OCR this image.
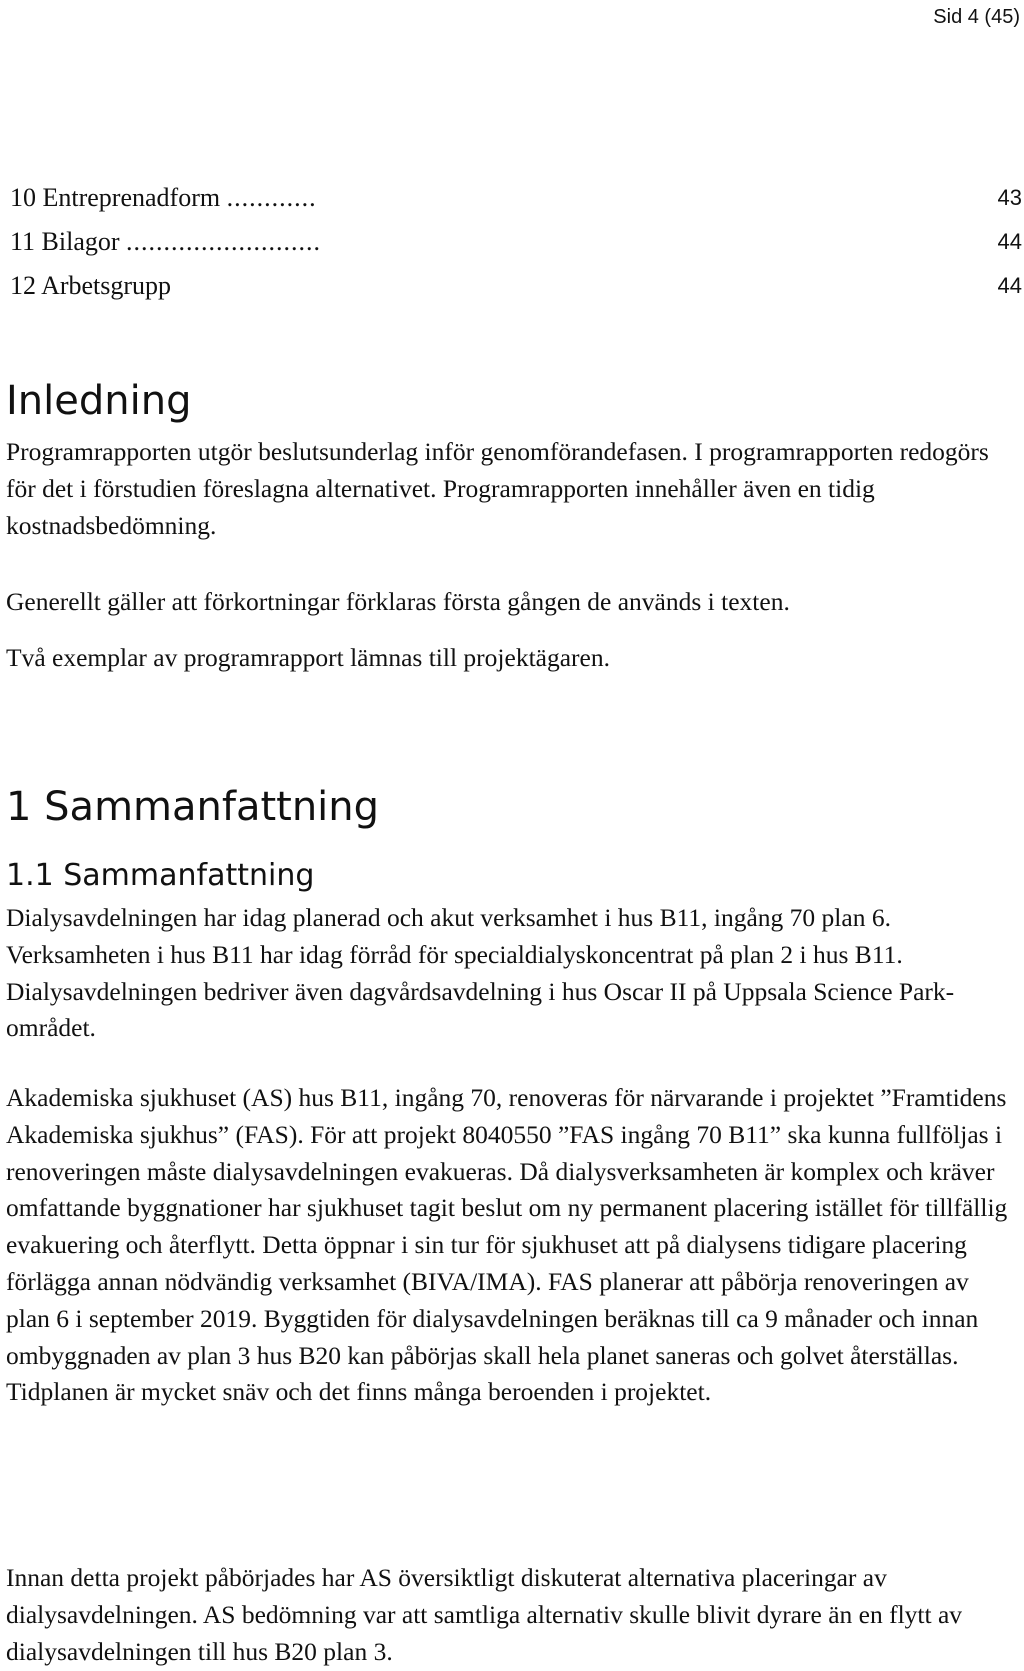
Sid 4 (45)
10 Entreprenadform ............	43
11 Bilagor ..........................	44
12 Arbetsgrupp	44
Inledning

Programrapporten utgör beslutsunderlag inför genomförandefasen. I programrapporten redogörs för det i förstudien föreslagna alternativet. Programrapporten innehåller även en tidig kostnadsbedömning.

Generellt gäller att förkortningar förklaras första gången de används i texten.

Två exemplar av programrapport lämnas till projektägaren.

1 Sammanfattning
1.1 Sammanfattning

Dialysavdelningen har idag planerad och akut verksamhet i hus B11, ingång 70 plan 6. Verksamheten i hus B11 har idag förråd för specialdialyskoncentrat på plan 2 i hus B11. Dialysavdelningen bedriver även dagvårdsavdelning i hus Oscar II på Uppsala Science Park-området.

Akademiska sjukhuset (AS) hus B11, ingång 70, renoveras för närvarande i projektet ”Framtidens Akademiska sjukhus” (FAS). För att projekt 8040550 ”FAS ingång 70 B11” ska kunna fullföljas i renoveringen måste dialysavdelningen evakueras. Då dialysverksamheten är komplex och kräver omfattande byggnationer har sjukhuset tagit beslut om ny permanent placering istället för tillfällig evakuering och återflytt. Detta öppnar i sin tur för sjukhuset att på dialysens tidigare placering förlägga annan nödvändig verksamhet (BIVA/IMA). FAS planerar att påbörja renoveringen av plan 6 i september 2019. Byggtiden för dialysavdelningen beräknas till ca 9 månader och innan ombyggnaden av plan 3 hus B20 kan påbörjas skall hela planet saneras och golvet återställas. Tidplanen är mycket snäv och det finns många beroenden i projektet.

Innan detta projekt påbörjades har AS översiktligt diskuterat alternativa placeringar av dialysavdelningen. AS bedömning var att samtliga alternativ skulle blivit dyrare än en flytt av dialysavdelningen till hus B20 plan 3.
